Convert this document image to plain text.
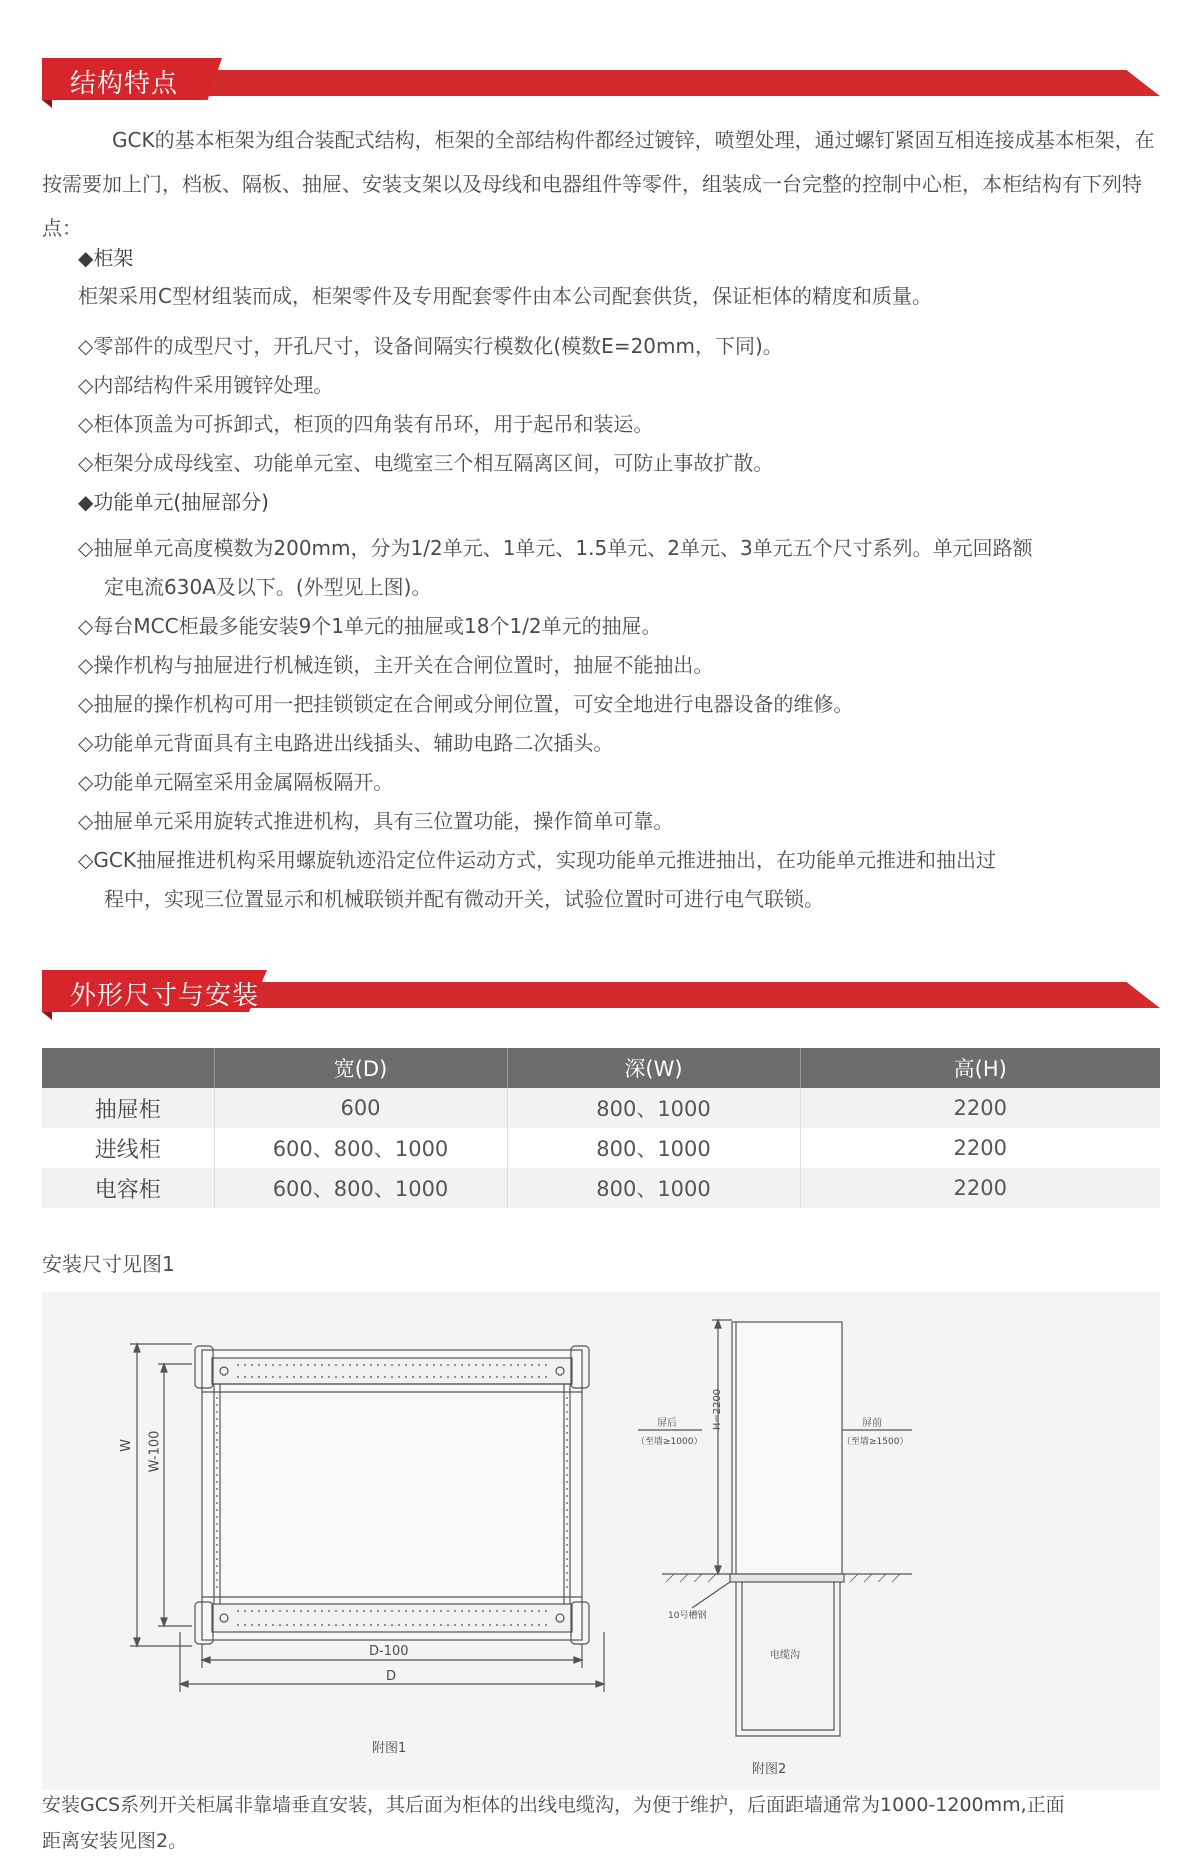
结构特点
GCK的基本柜架为组合装配式结构，柜架的全部结构件都经过镀锌，喷塑处理，通过螺钉紧固互相连接成基本柜架，在按需要加上门，档板、隔板、抽屉、安装支架以及母线和电器组件等零件，组装成一台完整的控制中心柜，本柜结构有下列特点：
◆柜架
柜架采用C型材组装而成，柜架零件及专用配套零件由本公司配套供货，保证柜体的精度和质量。
◇零部件的成型尺寸，开孔尺寸，设备间隔实行模数化(模数E=20mm，下同)。
◇内部结构件采用镀锌处理。
◇柜体顶盖为可拆卸式，柜顶的四角装有吊环，用于起吊和装运。
◇柜架分成母线室、功能单元室、电缆室三个相互隔离区间，可防止事故扩散。
◆功能单元(抽屉部分)
◇抽屉单元高度模数为200mm，分为1/2单元、1单元、1.5单元、2单元、3单元五个尺寸系列。单元回路额
定电流630A及以下。(外型见上图)。
◇每台MCC柜最多能安装9个1单元的抽屉或18个1/2单元的抽屉。
◇操作机构与抽屉进行机械连锁，主开关在合闸位置时，抽屉不能抽出。
◇抽屉的操作机构可用一把挂锁锁定在合闸或分闸位置，可安全地进行电器设备的维修。
◇功能单元背面具有主电路进出线插头、辅助电路二次插头。
◇功能单元隔室采用金属隔板隔开。
◇抽屉单元采用旋转式推进机构，具有三位置功能，操作简单可靠。
◇GCK抽屉推进机构采用螺旋轨迹沿定位件运动方式，实现功能单元推进抽出，在功能单元推进和抽出过
程中，实现三位置显示和机械联锁并配有微动开关，试验位置时可进行电气联锁。
外形尺寸与安装
	宽(D)	深(W)	高(H)
抽屉柜	600	800、1000	2200
进线柜	600、800、1000	800、1000	2200
电容柜	600、800、1000	800、1000	2200
安装尺寸见图1
W W-100
D-100
D
附图1
H=2200
屏后
（至墙≥1000）
屏前
（至墙≥1500）
10号槽钢
电缆沟
附图2
安装GCS系列开关柜属非靠墙垂直安装，其后面为柜体的出线电缆沟，为便于维护，后面距墙通常为1000-1200mm,正面
距离安装见图2。
